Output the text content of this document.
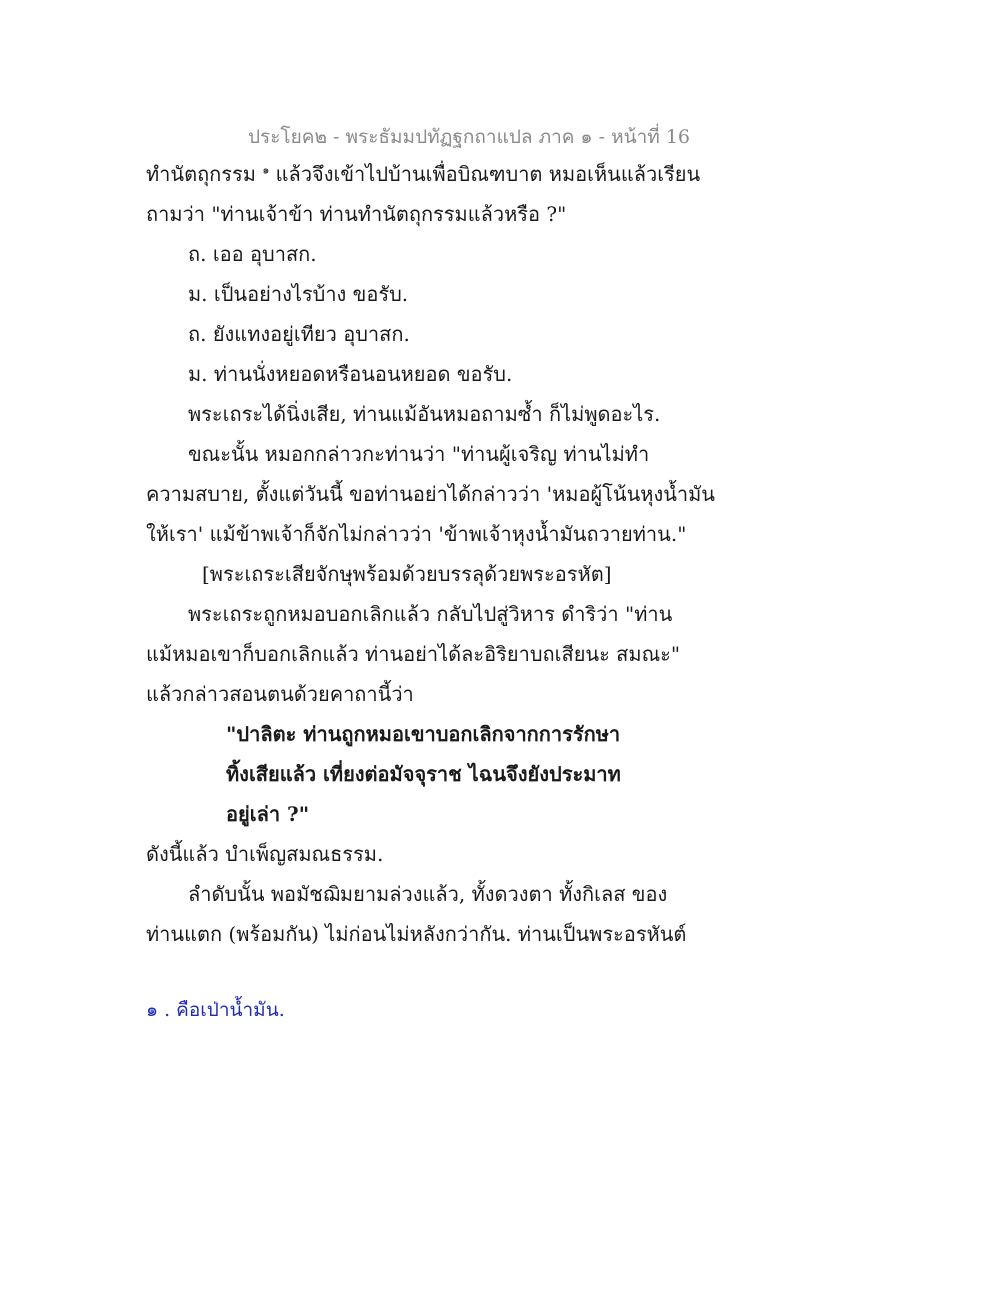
ประโยค๒ - พระธัมมปทัฏฐกถาแปล ภาค ๑ - หน้าที่ 16
ทำนัตถุกรรม $^๑$ แล้วจึงเข้าไปบ้านเพื่อบิณฑบาต หมอเห็นแล้วเรียน
ถามว่า "ท่านเจ้าข้า ท่านทำนัตถุกรรมแล้วหรือ ?"
ถ. เออ อุบาสก.
ม. เป็นอย่างไรบ้าง ขอรับ.
ถ. ยังแทงอยู่เทียว อุบาสก.
ม. ท่านนั่งหยอดหรือนอนหยอด ขอรับ.
พระเถระได้นิ่งเสีย, ท่านแม้อันหมอถามซ้ำ ก็ไม่พูดอะไร.
ขณะนั้น หมอกกล่าวกะท่านว่า "ท่านผู้เจริญ ท่านไม่ทำ
ความสบาย, ตั้งแต่วันนี้ ขอท่านอย่าได้กล่าวว่า 'หมอผู้โน้นหุงน้ำมัน
ให้เรา' แม้ข้าพเจ้าก็จักไม่กล่าวว่า 'ข้าพเจ้าหุงน้ำมันถวายท่าน."
[พระเถระเสียจักษุพร้อมด้วยบรรลุด้วยพระอรหัต]
พระเถระถูกหมอบอกเลิกแล้ว กลับไปสู่วิหาร ดำริว่า "ท่าน
แม้หมอเขาก็บอกเลิกแล้ว ท่านอย่าได้ละอิริยาบถเสียนะ สมณะ"
แล้วกล่าวสอนตนด้วยคาถานี้ว่า
"ปาลิตะ ท่านถูกหมอเขาบอกเลิกจากการรักษา
ทิ้งเสียแล้ว เที่ยงต่อมัจจุราช ไฉนจึงยังประมาท
อยู่เล่า ?"
ดังนี้แล้ว บำเพ็ญสมณธรรม.
ลำดับนั้น พอมัชฌิมยามล่วงแล้ว, ทั้งดวงตา ทั้งกิเลส ของ
ท่านแตก (พร้อมกัน) ไม่ก่อนไม่หลังกว่ากัน. ท่านเป็นพระอรหันต์
๑ . คือเป่าน้ำมัน.
